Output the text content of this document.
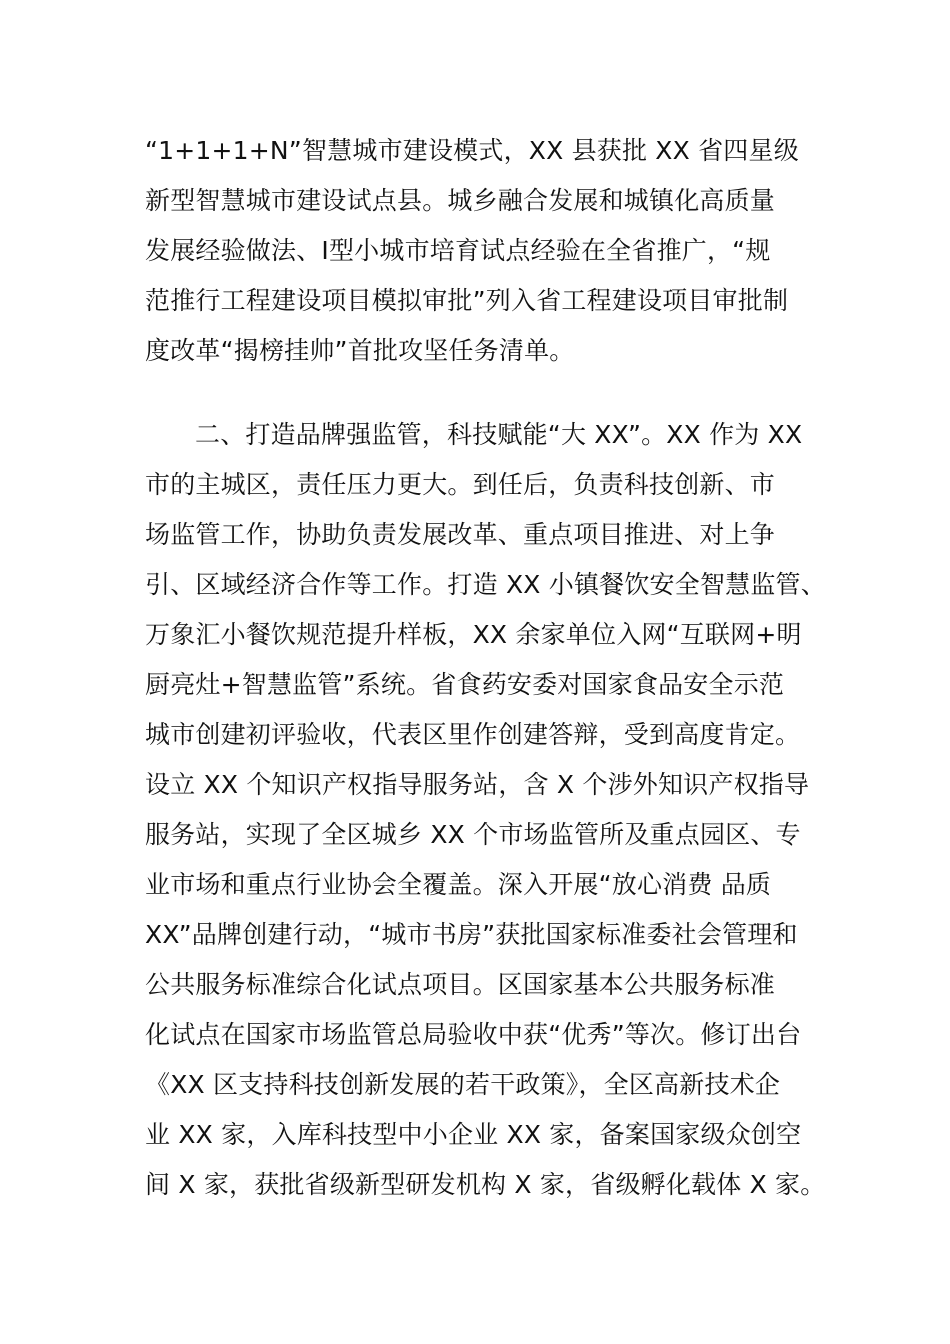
“1+1+1+N”智慧城市建设模式，XX 县获批 XX 省四星级
新型智慧城市建设试点县。城乡融合发展和城镇化高质量
发展经验做法、Ⅰ型小城市培育试点经验在全省推广，“规
范推行工程建设项目模拟审批”列入省工程建设项目审批制
度改革“揭榜挂帅”首批攻坚任务清单。
二、打造品牌强监管，科技赋能“大 XX”。XX 作为 XX
市的主城区，责任压力更大。到任后，负责科技创新、市
场监管工作，协助负责发展改革、重点项目推进、对上争
引、区域经济合作等工作。打造 XX 小镇餐饮安全智慧监管、
万象汇小餐饮规范提升样板，XX 余家单位入网“互联网+明
厨亮灶+智慧监管”系统。省食药安委对国家食品安全示范
城市创建初评验收，代表区里作创建答辩，受到高度肯定。
设立 XX 个知识产权指导服务站，含 X 个涉外知识产权指导
服务站，实现了全区城乡 XX 个市场监管所及重点园区、专
业市场和重点行业协会全覆盖。深入开展“放心消费 品质
XX”品牌创建行动，“城市书房”获批国家标准委社会管理和
公共服务标准综合化试点项目。区国家基本公共服务标准
化试点在国家市场监管总局验收中获“优秀”等次。修订出台
《XX 区支持科技创新发展的若干政策》，全区高新技术企
业 XX 家，入库科技型中小企业 XX 家，备案国家级众创空
间 X 家，获批省级新型研发机构 X 家，省级孵化载体 X 家。
